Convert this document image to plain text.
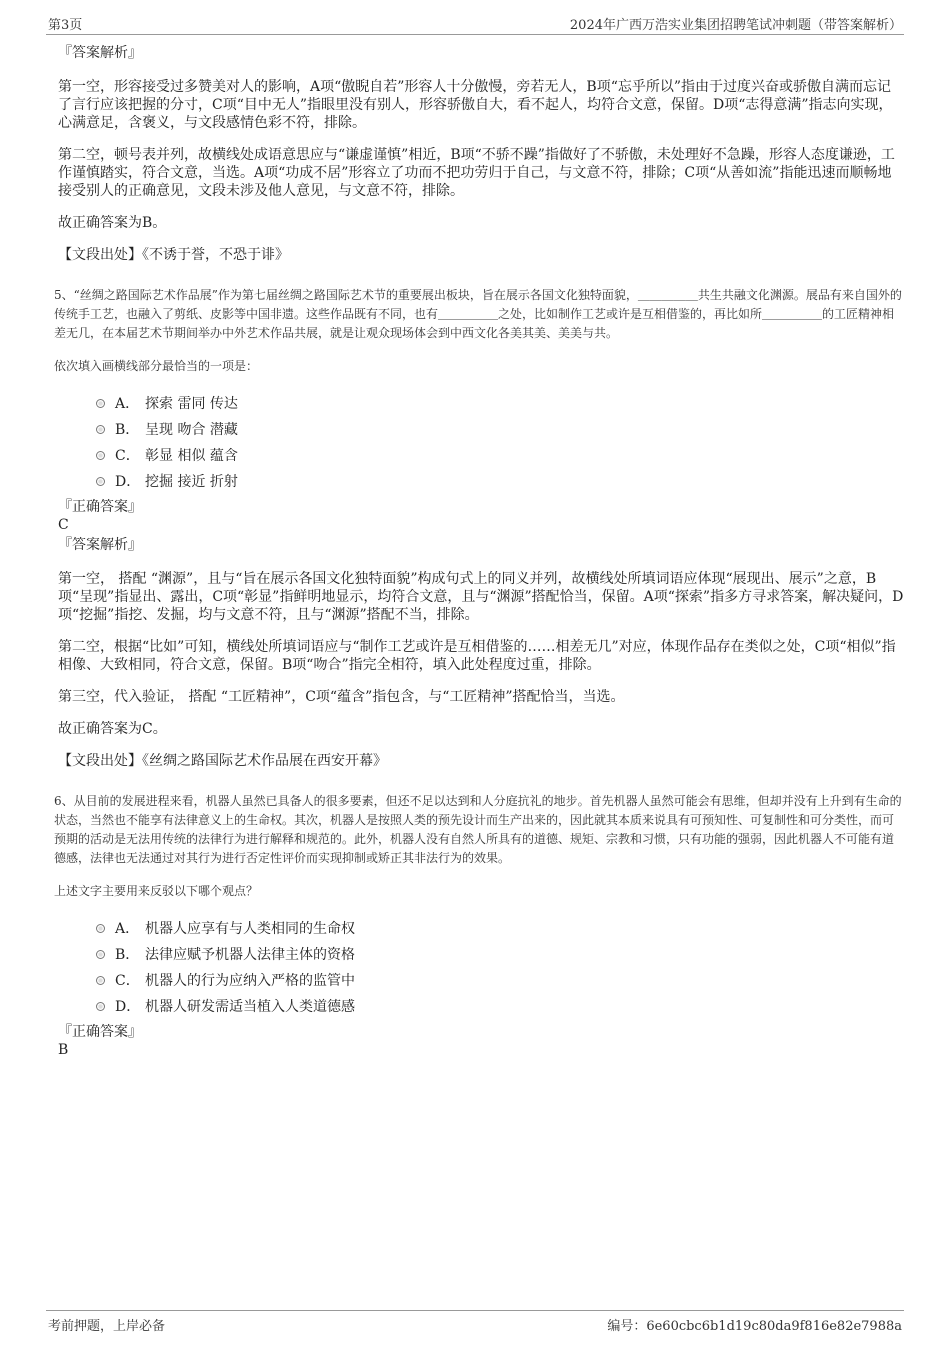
第3页	2024年广西万浩实业集团招聘笔试冲刺题（带答案解析）
『答案解析』
第一空，形容接受过多赞美对人的影响，A项“傲睨自若”形容人十分傲慢，旁若无人，B项“忘乎所以”指由于过度兴奋或骄傲自满而忘记了言行应该把握的分寸，C项“目中无人”指眼里没有别人，形容骄傲自大，看不起人，均符合文意，保留。D项“志得意满”指志向实现，心满意足，含褒义，与文段感情色彩不符，排除。
第二空，顿号表并列，故横线处成语意思应与“谦虚谨慎”相近，B项“不骄不躁”指做好了不骄傲，未处理好不急躁，形容人态度谦逊，工作谨慎踏实，符合文意，当选。A项“功成不居”形容立了功而不把功劳归于自己，与文意不符，排除；C项“从善如流”指能迅速而顺畅地接受别人的正确意见，文段未涉及他人意见，与文意不符，排除。
故正确答案为B。
【文段出处】《不诱于誉，不恐于诽》
5、“丝绸之路国际艺术作品展”作为第七届丝绸之路国际艺术节的重要展出板块，旨在展示各国文化独特面貌，＿＿＿＿＿共生共融文化渊源。展品有来自国外的传统手工艺，也融入了剪纸、皮影等中国非遗。这些作品既有不同，也有＿＿＿＿＿之处，比如制作工艺或许是互相借鉴的，再比如所＿＿＿＿＿的工匠精神相差无几，在本届艺术节期间举办中外艺术作品共展，就是让观众现场体会到中西文化各美其美、美美与共。
依次填入画横线部分最恰当的一项是：
A． 探索 雷同 传达
B． 呈现 吻合 潜藏
C． 彰显 相似 蕴含
D． 挖掘 接近 折射
『正确答案』
C
『答案解析』
第一空， 搭配 “渊源”，且与“旨在展示各国文化独特面貌”构成句式上的同义并列，故横线处所填词语应体现“展现出、展示”之意，B项“呈现”指显出、露出，C项“彰显”指鲜明地显示，均符合文意，且与“渊源”搭配恰当，保留。A项“探索”指多方寻求答案，解决疑问，D项“挖掘”指挖、发掘，均与文意不符，且与“渊源”搭配不当，排除。
第二空，根据“比如”可知，横线处所填词语应与“制作工艺或许是互相借鉴的……相差无几”对应，体现作品存在类似之处，C项“相似”指相像、大致相同，符合文意，保留。B项“吻合”指完全相符，填入此处程度过重，排除。
第三空，代入验证， 搭配 “工匠精神”，C项“蕴含”指包含，与“工匠精神”搭配恰当，当选。
故正确答案为C。
【文段出处】《丝绸之路国际艺术作品展在西安开幕》
6、从目前的发展进程来看，机器人虽然已具备人的很多要素，但还不足以达到和人分庭抗礼的地步。首先机器人虽然可能会有思维，但却并没有上升到有生命的状态，当然也不能享有法律意义上的生命权。其次，机器人是按照人类的预先设计而生产出来的，因此就其本质来说具有可预知性、可复制性和可分类性，而可预期的活动是无法用传统的法律行为进行解释和规范的。此外，机器人没有自然人所具有的道德、规矩、宗教和习惯，只有功能的强弱，因此机器人不可能有道德感，法律也无法通过对其行为进行否定性评价而实现抑制或矫正其非法行为的效果。
上述文字主要用来反驳以下哪个观点？
A． 机器人应享有与人类相同的生命权
B． 法律应赋予机器人法律主体的资格
C． 机器人的行为应纳入严格的监管中
D． 机器人研发需适当植入人类道德感
『正确答案』
B
考前押题，上岸必备	编号：6e60cbc6b1d19c80da9f816e82e7988a
